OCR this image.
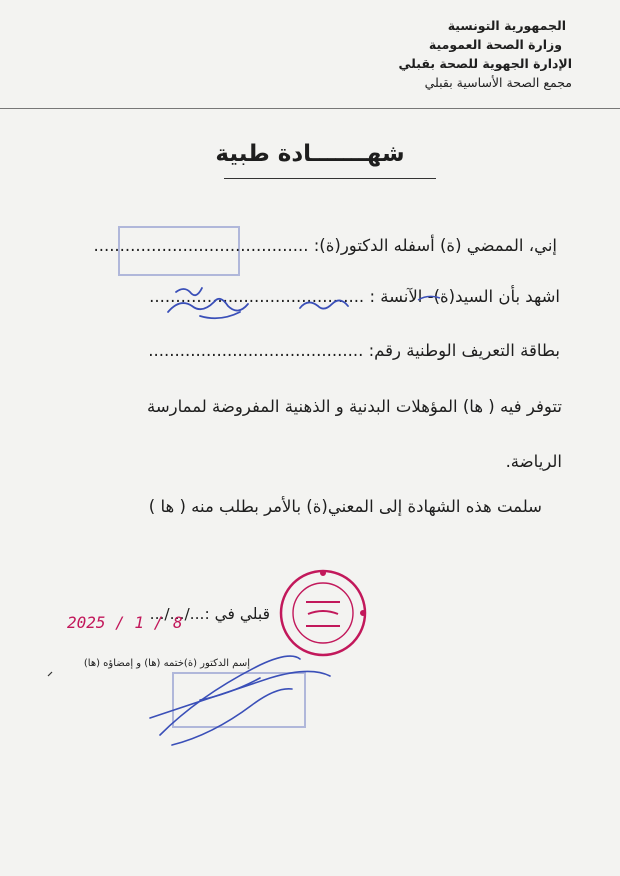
الجمهورية التونسية
وزارة الصحة العمومية
الإدارة الجهوية للصحة بقبلي
مجمع الصحة الأساسية بقبلي
شهـــــــادة طبية
إني، الممضي (ة) أسفله الدكتور(ة): .........................................
اشهد بأن السيد(ة)- الآنسة : .........................................
بطاقة التعريف الوطنية رقم: .........................................
تتوفر فيه ( ها) المؤهلات البدنية و الذهنية المفروضة لممارسة
الرياضة.
سلمت هذه الشهادة إلى المعني(ة) بالأمر بطلب منه ( ها )
قبلي في :.../.../...
إسم الدكتور (ة)ختمه (ها) و إمضاؤه (ها)
2025 / 1 / 8
